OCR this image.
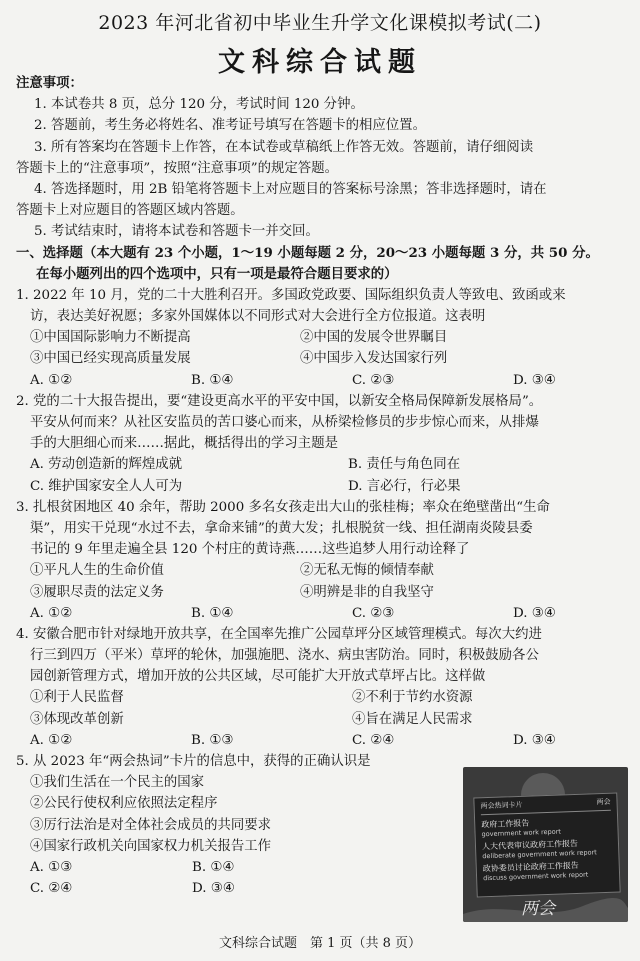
2023 年河北省初中毕业生升学文化课模拟考试(二)
文科综合试题
注意事项：
1. 本试卷共 8 页，总分 120 分，考试时间 120 分钟。
2. 答题前，考生务必将姓名、准考证号填写在答题卡的相应位置。
3. 所有答案均在答题卡上作答，在本试卷或草稿纸上作答无效。答题前，请仔细阅读
答题卡上的“注意事项”，按照“注意事项”的规定答题。
4. 答选择题时，用 2B 铅笔将答题卡上对应题目的答案标号涂黑；答非选择题时，请在
答题卡上对应题目的答题区域内答题。
5. 考试结束时，请将本试卷和答题卡一并交回。
一、选择题（本大题有 23 个小题，1～19 小题每题 2 分，20～23 小题每题 3 分，共 50 分。
在每小题列出的四个选项中，只有一项是最符合题目要求的）
1. 2022 年 10 月，党的二十大胜利召开。多国政党政要、国际组织负责人等致电、致函或来
访，表达美好祝愿；多家外国媒体以不同形式对大会进行全方位报道。这表明
①中国国际影响力不断提高	②中国的发展令世界瞩目
③中国已经实现高质量发展	④中国步入发达国家行列
A. ①②	B. ①④	C. ②③	D. ③④
2. 党的二十大报告提出，要“建设更高水平的平安中国，以新安全格局保障新发展格局”。
平安从何而来？从社区安监员的苦口婆心而来，从桥梁检修员的步步惊心而来，从排爆
手的大胆细心而来……据此，概括得出的学习主题是
A. 劳动创造新的辉煌成就	B. 责任与角色同在
C. 维护国家安全人人可为	D. 言必行，行必果
3. 扎根贫困地区 40 余年，帮助 2000 多名女孩走出大山的张桂梅；率众在绝壁凿出“生命
渠”，用实干兑现“水过不去，拿命来铺”的黄大发；扎根脱贫一线、担任湖南炎陵县委
书记的 9 年里走遍全县 120 个村庄的黄诗燕……这些追梦人用行动诠释了
①平凡人生的生命价值	②无私无悔的倾情奉献
③履职尽责的法定义务	④明辨是非的自我坚守
A. ①②	B. ①④	C. ②③	D. ③④
4. 安徽合肥市针对绿地开放共享，在全国率先推广公园草坪分区域管理模式。每次大约进
行三到四万（平米）草坪的轮休，加强施肥、浇水、病虫害防治。同时，积极鼓励各公
园创新管理方式，增加开放的公共区域，尽可能扩大开放式草坪占比。这样做
①利于人民监督	②不利于节约水资源
③体现改革创新	④旨在满足人民需求
A. ①②	B. ①③	C. ②④	D. ③④
5. 从 2023 年“两会热词”卡片的信息中，获得的正确认识是
①我们生活在一个民主的国家
②公民行使权利应依照法定程序
③厉行法治是对全体社会成员的共同要求
④国家行政机关向国家权力机关报告工作
A. ①③	B. ①④
C. ②④	D. ③④
两会热词卡片	两会
政府工作报告
government work report
人大代表审议政府工作报告
deliberate government work report
政协委员讨论政府工作报告
discuss government work report
两会
文科综合试题　第 1 页（共 8 页）
